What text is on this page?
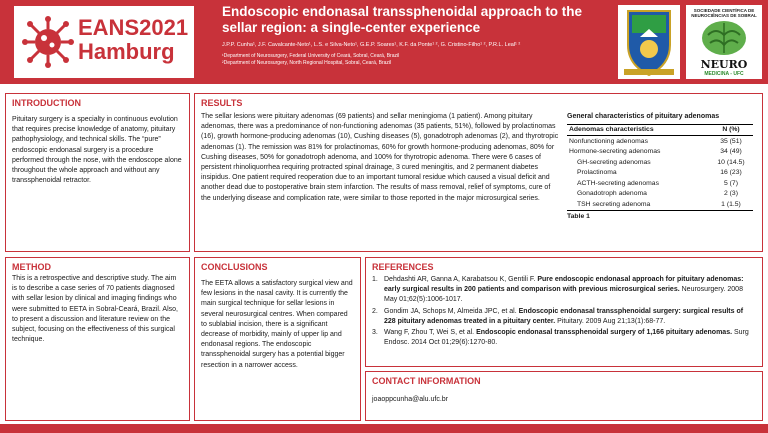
EANS2021
Hamburg
Endoscopic endonasal transsphenoidal approach to the sellar region: a single-center experience
J.P.P. Cunha¹, J.F. Cavalcante-Neto¹, L.S. e Silva-Neto¹, G.E.P. Soares¹, K.F. da Ponte¹ ², G. Cristino-Filho¹ ², P.R.L. Leal¹ ²
¹Department of Neurosurgery, Federal University of Ceará, Sobral, Ceará, Brazil
²Department of Neurosurgery, North Regional Hospital, Sobral, Ceará, Brazil
SOCIEDADE CIENTÍFICA DE NEUROCIÊNCIAS DE SOBRAL
NEURO
MEDICINA - UFC
INTRODUCTION

Pituitary surgery is a specialty in continuous evolution that requires precise knowledge of anatomy, pituitary pathophysiology, and technical skills. The “pure” endoscopic endonasal surgery is a procedure performed through the nose, with the endoscope alone throughout the whole approach and without any transsphenoidal retractor.

METHOD

This is a retrospective and descriptive study. The aim is to describe a case series of 70 patients diagnosed with sellar lesion by clinical and imaging findings who were submitted to EETA in Sobral-Ceará, Brazil. Also, to present a discussion and literature review on the subject, focusing on the effectiveness of this surgical technique.

RESULTS
The sellar lesions were pituitary adenomas (69 patients) and sellar meningioma (1 patient). Among pituitary adenomas, there was a predominance of non-functioning adenomas (35 patients, 51%), followed by prolactinomas (16), growth hormone-producing adenomas (10), Cushing diseases (5), gonadotroph adenomas (2), and thyrotropic adenomas (1). The remission was 81% for prolactinomas, 60% for growth hormone-producing adenomas, 80% for Cushing diseases, 50% for gonadotroph adenoma, and 100% for thyrotropic adenoma. There were 6 cases of persistent rhinoliquorrhea requiring protracted spinal drainage, 3 cured meningitis, and 2 permanent diabetes insipidus. One patient required reoperation due to an important tumoral residue which caused a visual deficit and another dead due to postoperative brain stem infarction. The results of mass removal, relief of symptoms, cure of the underlying disease and complication rate, were similar to those reported in the major microsurgical series.
General characteristics of pituitary adenomas
Adenomas characteristics	N (%)
Nonfunctioning adenomas	35 (51)
Hormone-secreting adenomas	34 (49)
GH-secreting adenomas	10 (14.5)
Prolactinoma	16 (23)
ACTH-secreting adenomas	5 (7)
Gonadotroph adenoma	2 (3)
TSH secreting adenoma	1 (1.5)
Table 1
CONCLUSIONS

The EETA allows a satisfactory surgical view and few lesions in the nasal cavity. It is currently the main surgical technique for sellar lesions in several neurosurgical centres. When compared to sublabial incision, there is a significant decrease of morbidity, mainly of upper lip and endonasal regions. The endoscopic transsphenoidal surgery has a potential bigger resection in a narrower access.

REFERENCES
1. Dehdashti AR, Ganna A, Karabatsou K, Gentili F. Pure endoscopic endonasal approach for pituitary adenomas: early surgical results in 200 patients and comparison with previous microsurgical series. Neurosurgery. 2008 May 01;62(5):1006-1017.
2. Gondim JA, Schops M, Almeida JPC, et al. Endoscopic endonasal transsphenoidal surgery: surgical results of 228 pituitary adenomas treated in a pituitary center. Pituitary. 2009 Aug 21;13(1):68-77.
3. Wang F, Zhou T, Wei S, et al. Endoscopic endonasal transsphenoidal surgery of 1,166 pituitary adenomas. Surg Endosc. 2014 Oct 01;29(6):1270-80.
CONTACT INFORMATION

joaoppcunha@alu.ufc.br
